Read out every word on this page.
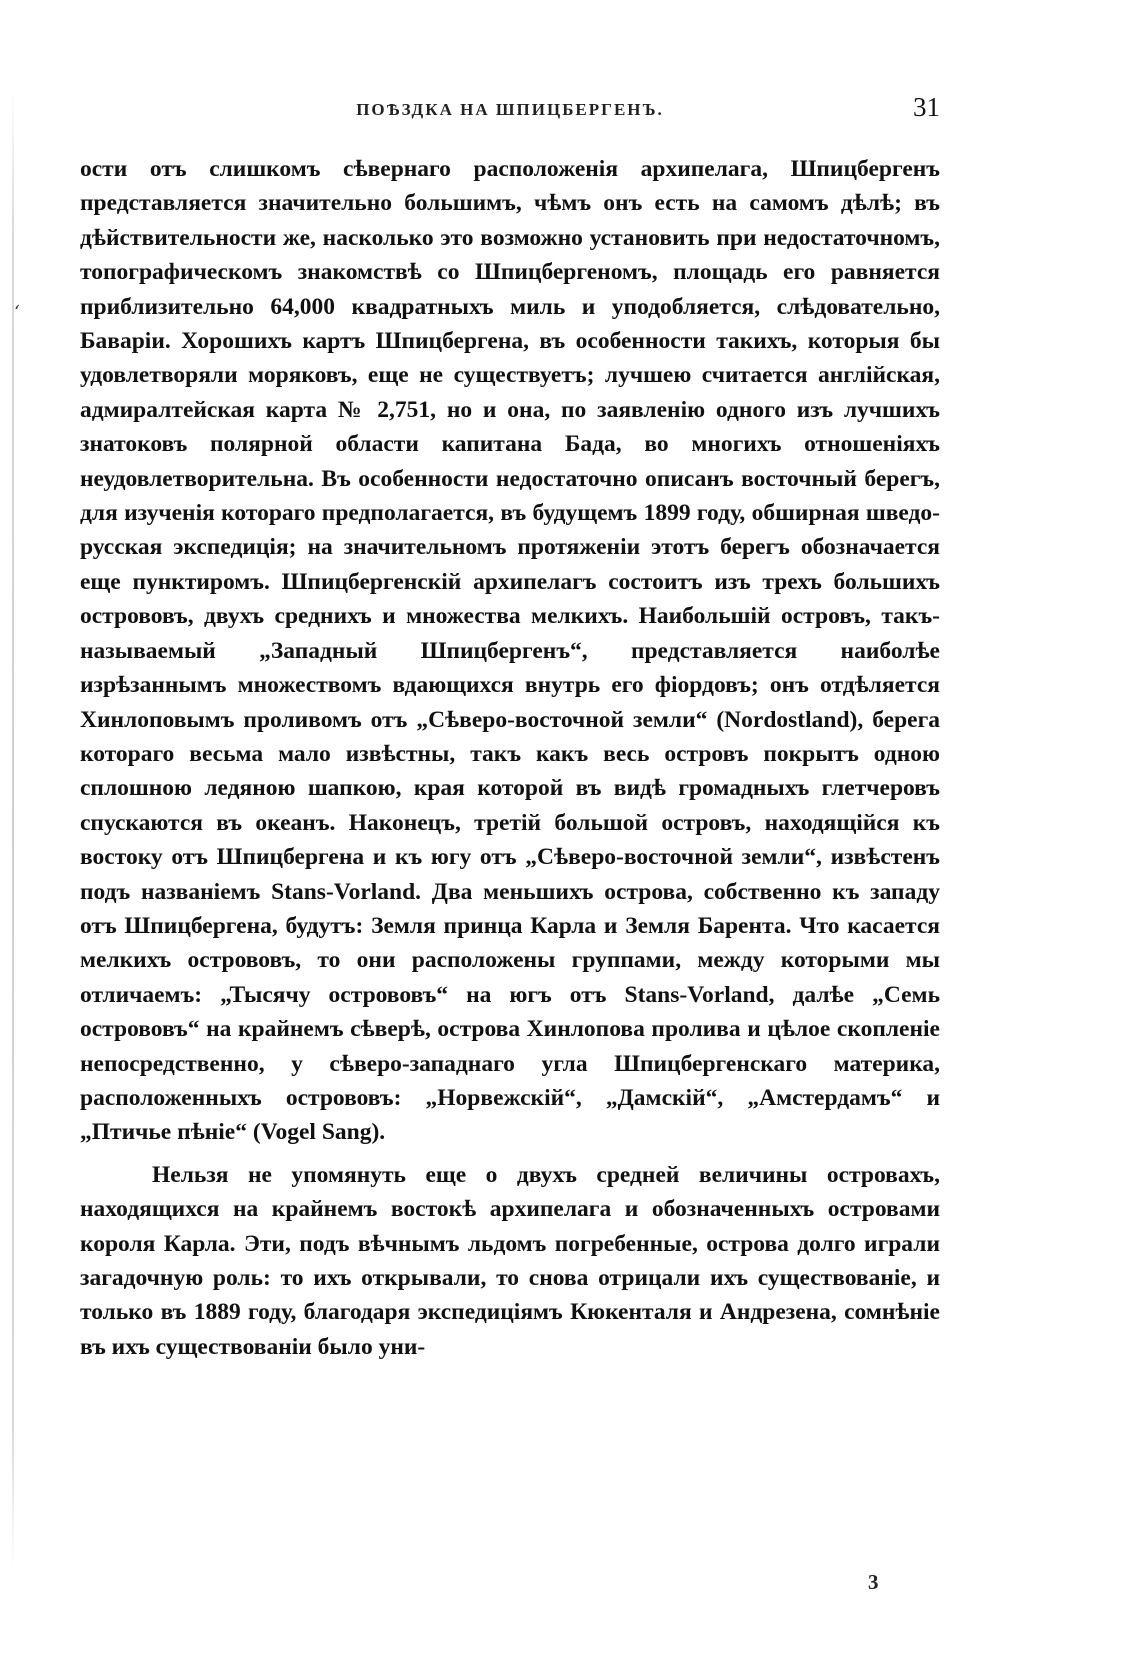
‘
ПОѢЗДКА НА ШПИЦБЕРГЕНЪ.	31

ости отъ слишкомъ сѣвернаго расположенія архипелага, Шпицбергенъ представляется значительно большимъ, чѣмъ онъ есть на самомъ дѣлѣ; въ дѣйствительности же, насколько это возможно установить при недостаточномъ, топографическомъ знакомствѣ со Шпицбергеномъ, площадь его равняется приблизительно 64,000 квадратныхъ миль и уподобляется, слѣдовательно, Баваріи. Хорошихъ картъ Шпицбергена, въ особенности такихъ, которыя бы удовлетворяли моряковъ, еще не существуетъ; лучшею считается англійская, адмиралтейская карта № 2,751, но и она, по заявленію одного изъ лучшихъ знатоковъ полярной области капитана Бада, во многихъ отношеніяхъ неудовлетворительна. Въ особенности недостаточно описанъ восточный берегъ, для изученія котораго предполагается, въ будущемъ 1899 году, обширная шведо-русская экспедиція; на значительномъ протяженіи этотъ берегъ обозначается еще пунктиромъ. Шпицбергенскій архипелагъ состоитъ изъ трехъ большихъ острововъ, двухъ среднихъ и множества мелкихъ. Наибольшій островъ, такъ-называемый „Западный Шпицбергенъ“, представляется наиболѣе изрѣзаннымъ множествомъ вдающихся внутрь его фіордовъ; онъ отдѣляется Хинлоповымъ проливомъ отъ „Сѣверо-восточной земли“ (Nordostland), берега котораго весьма мало извѣстны, такъ какъ весь островъ покрытъ одною сплошною ледяною шапкою, края которой въ видѣ громадныхъ глетчеровъ спускаются въ океанъ. Наконецъ, третій большой островъ, находящійся къ востоку отъ Шпицбергена и къ югу отъ „Сѣверо-восточной земли“, извѣстенъ подъ названіемъ Stans-Vorland. Два меньшихъ острова, собственно къ западу отъ Шпицбергена, будутъ: Земля принца Карла и Земля Барента. Что касается мелкихъ острововъ, то они расположены группами, между которыми мы отличаемъ: „Тысячу острововъ“ на югъ отъ Stans-Vorland, далѣе „Семь острововъ“ на крайнемъ сѣверѣ, острова Хинлопова пролива и цѣлое скопленіе непосредственно, у сѣверо-западнаго угла Шпицбергенскаго материка, расположенныхъ острововъ: „Норвежскій“, „Дамскій“, „Амстердамъ“ и „Птичье пѣніе“ (Vogel Sang).

Нельзя не упомянуть еще о двухъ средней величины островахъ, находящихся на крайнемъ востокѣ архипелага и обозначенныхъ островами короля Карла. Эти, подъ вѣчнымъ льдомъ погребенные, острова долго играли загадочную роль: то ихъ открывали, то снова отрицали ихъ существованіе, и только въ 1889 году, благодаря экспедиціямъ Кюкенталя и Андрезена, сомнѣніе въ ихъ существованіи было уни-

3
